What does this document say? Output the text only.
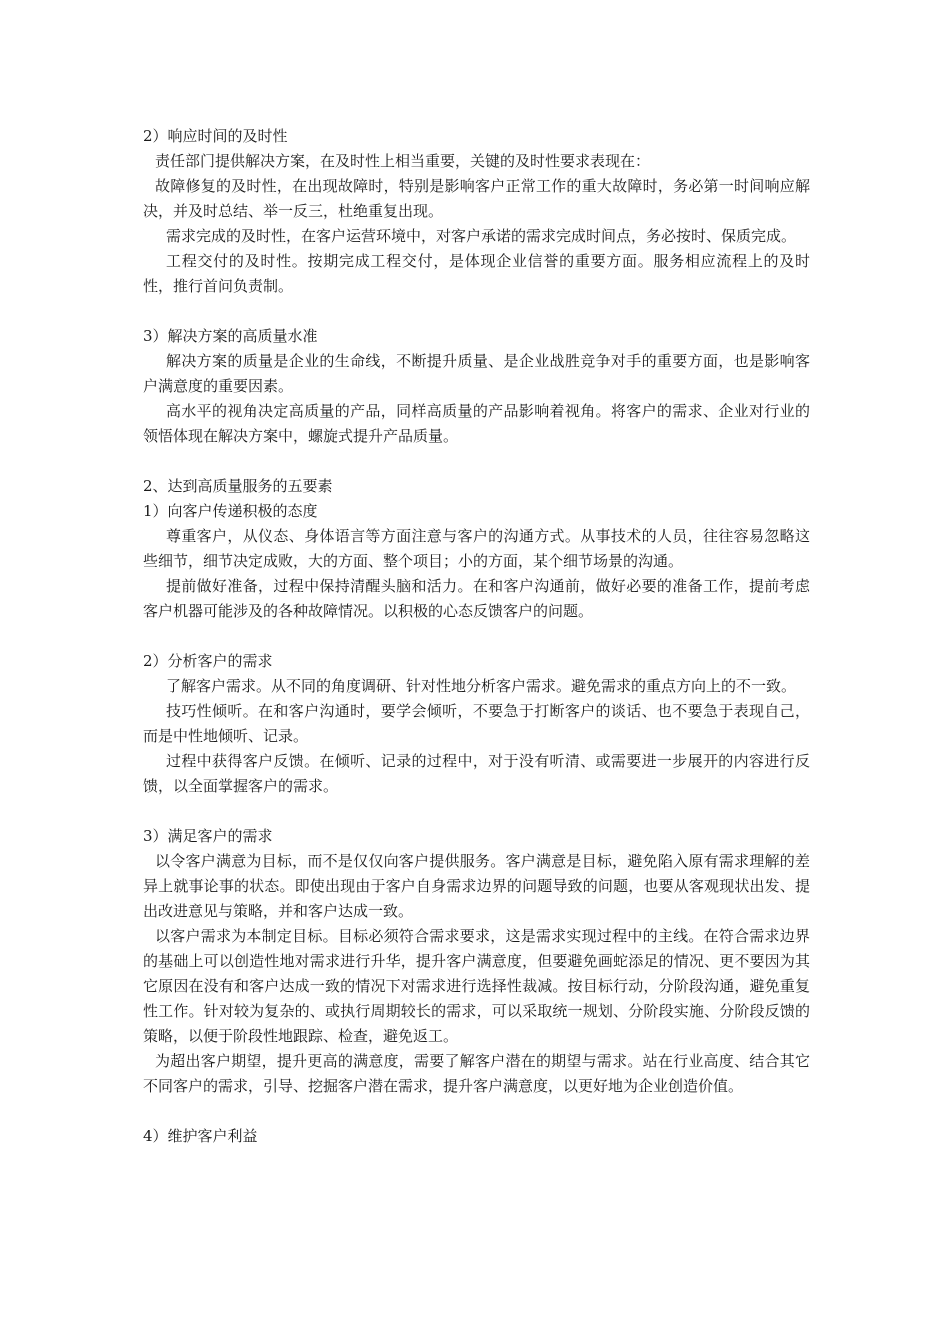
2）响应时间的及时性

责任部门提供解决方案，在及时性上相当重要，关键的及时性要求表现在：

故障修复的及时性，在出现故障时，特别是影响客户正常工作的重大故障时，务必第一时间响应解决，并及时总结、举一反三，杜绝重复出现。

需求完成的及时性，在客户运营环境中，对客户承诺的需求完成时间点，务必按时、保质完成。

工程交付的及时性。按期完成工程交付，是体现企业信誉的重要方面。服务相应流程上的及时性，推行首问负责制。

3）解决方案的高质量水准

解决方案的质量是企业的生命线，不断提升质量、是企业战胜竞争对手的重要方面，也是影响客户满意度的重要因素。

高水平的视角决定高质量的产品，同样高质量的产品影响着视角。将客户的需求、企业对行业的领悟体现在解决方案中，螺旋式提升产品质量。

2、达到高质量服务的五要素

1）向客户传递积极的态度

尊重客户，从仪态、身体语言等方面注意与客户的沟通方式。从事技术的人员，往往容易忽略这些细节，细节决定成败，大的方面、整个项目；小的方面，某个细节场景的沟通。

提前做好准备，过程中保持清醒头脑和活力。在和客户沟通前，做好必要的准备工作，提前考虑客户机器可能涉及的各种故障情况。以积极的心态反馈客户的问题。

2）分析客户的需求

了解客户需求。从不同的角度调研、针对性地分析客户需求。避免需求的重点方向上的不一致。

技巧性倾听。在和客户沟通时，要学会倾听，不要急于打断客户的谈话、也不要急于表现自己，而是中性地倾听、记录。

过程中获得客户反馈。在倾听、记录的过程中，对于没有听清、或需要进一步展开的内容进行反馈，以全面掌握客户的需求。

3）满足客户的需求

以令客户满意为目标，而不是仅仅向客户提供服务。客户满意是目标，避免陷入原有需求理解的差异上就事论事的状态。即使出现由于客户自身需求边界的问题导致的问题，也要从客观现状出发、提出改进意见与策略，并和客户达成一致。

以客户需求为本制定目标。目标必须符合需求要求，这是需求实现过程中的主线。在符合需求边界的基础上可以创造性地对需求进行升华，提升客户满意度，但要避免画蛇添足的情况、更不要因为其它原因在没有和客户达成一致的情况下对需求进行选择性裁减。按目标行动，分阶段沟通，避免重复性工作。针对较为复杂的、或执行周期较长的需求，可以采取统一规划、分阶段实施、分阶段反馈的策略，以便于阶段性地跟踪、检查，避免返工。

为超出客户期望，提升更高的满意度，需要了解客户潜在的期望与需求。站在行业高度、结合其它不同客户的需求，引导、挖掘客户潜在需求，提升客户满意度，以更好地为企业创造价值。

4）维护客户利益
